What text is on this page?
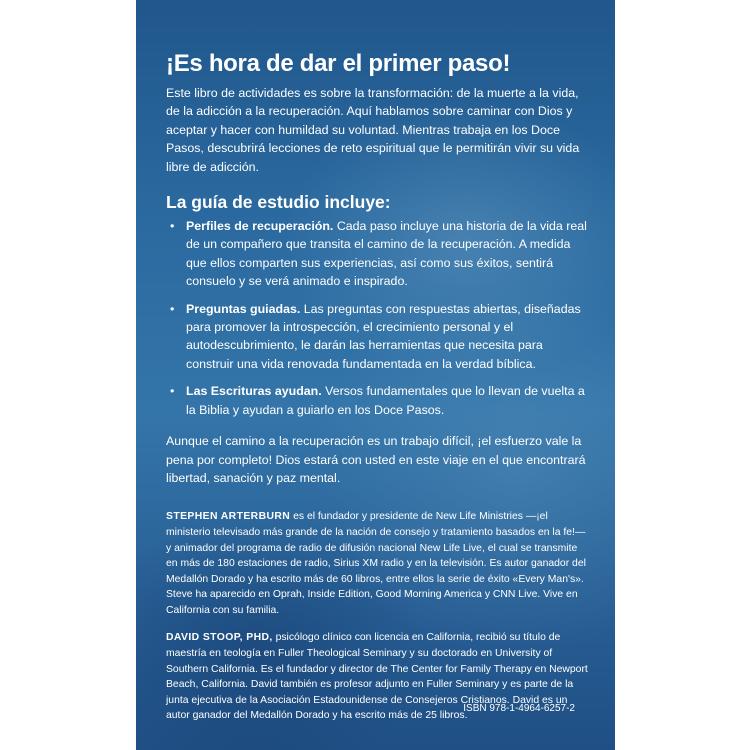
¡Es hora de dar el primer paso!

Este libro de actividades es sobre la transformación: de la muerte a la vida, de la adicción a la recuperación. Aquí hablamos sobre caminar con Dios y aceptar y hacer con humildad su voluntad. Mientras trabaja en los Doce Pasos, descubrirá lecciones de reto espiritual que le permitirán vivir su vida libre de adicción.

La guía de estudio incluye:
• Perfiles de recuperación. Cada paso incluye una historia de la vida real de un compañero que transita el camino de la recuperación. A medida que ellos comparten sus experiencias, así como sus éxitos, sentirá consuelo y se verá animado e inspirado.
• Preguntas guiadas. Las preguntas con respuestas abiertas, diseñadas para promover la introspección, el crecimiento personal y el autodescubrimiento, le darán las herramientas que necesita para construir una vida renovada fundamentada en la verdad bíblica.
• Las Escrituras ayudan. Versos fundamentales que lo llevan de vuelta a la Biblia y ayudan a guiarlo en los Doce Pasos.

Aunque el camino a la recuperación es un trabajo difícil, ¡el esfuerzo vale la pena por completo! Dios estará con usted en este viaje en el que encontrará libertad, sanación y paz mental.

STEPHEN ARTERBURN es el fundador y presidente de New Life Ministries —¡el ministerio televisado más grande de la nación de consejo y tratamiento basados en la fe!— y animador del programa de radio de difusión nacional New Life Live, el cual se transmite en más de 180 estaciones de radio, Sirius XM radio y en la televisión. Es autor ganador del Medallón Dorado y ha escrito más de 60 libros, entre ellos la serie de éxito «Every Man's». Steve ha aparecido en Oprah, Inside Edition, Good Morning America y CNN Live. Vive en California con su familia.

DAVID STOOP, PHD, psicólogo clínico con licencia en California, recibió su título de maestría en teología en Fuller Theological Seminary y su doctorado en University of Southern California. Es el fundador y director de The Center for Family Therapy en Newport Beach, California. David también es profesor adjunto en Fuller Seminary y es parte de la junta ejecutiva de la Asociación Estadounidense de Consejeros Cristianos. David es un autor ganador del Medallón Dorado y ha escrito más de 25 libros.

ISBN 978-1-4964-6257-2
